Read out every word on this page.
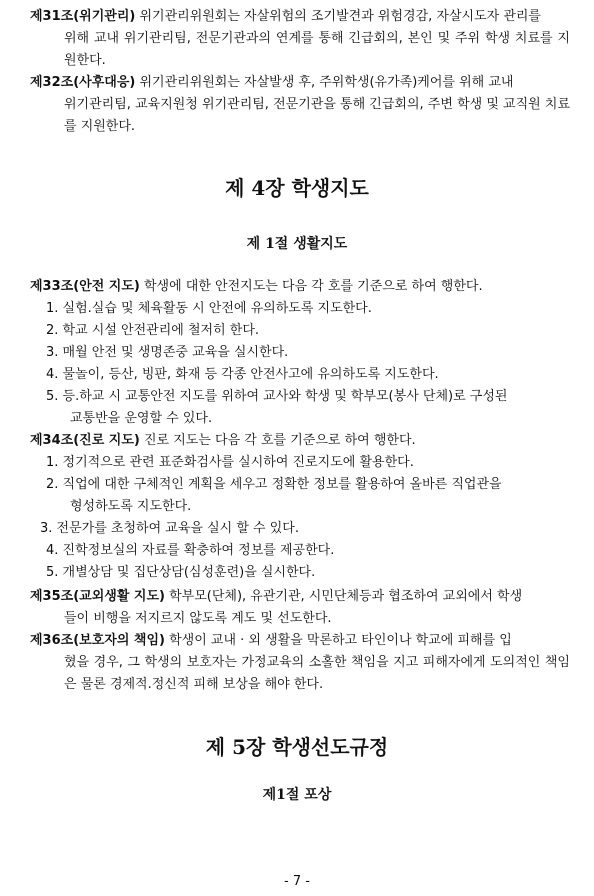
제31조(위기관리) 위기관리위원회는 자살위험의 조기발견과 위험경감, 자살시도자 관리를
위해 교내 위기관리팀, 전문기관과의 연계를 통해 긴급회의, 본인 및 주위 학생 치료를 지원한다.
제32조(사후대응) 위기관리위원회는 자살발생 후, 주위학생(유가족)케어를 위해 교내
위기관리팀, 교육지원청 위기관리팀, 전문기관을 통해 긴급회의, 주변 학생 및 교직원 치료를 지원한다.
제 4장 학생지도
제 1절 생활지도
제33조(안전 지도) 학생에 대한 안전지도는 다음 각 호를 기준으로 하여 행한다.
1. 실험.실습 및 체육활동 시 안전에 유의하도록 지도한다.
2. 학교 시설 안전관리에 철저히 한다.
3. 매월 안전 및 생명존중 교육을 실시한다.
4. 물놀이, 등산, 빙판, 화재 등 각종 안전사고에 유의하도록 지도한다.
5. 등.하교 시 교통안전 지도를 위하여 교사와 학생 및 학부모(봉사 단체)로 구성된
교통반을 운영할 수 있다.
제34조(진로 지도) 진로 지도는 다음 각 호를 기준으로 하여 행한다.
1. 정기적으로 관련 표준화검사를 실시하여 진로지도에 활용한다.
2. 직업에 대한 구체적인 계획을 세우고 정확한 정보를 활용하여 올바른 직업관을
형성하도록 지도한다.
3. 전문가를 초청하여 교육을 실시 할 수 있다.
4. 진학정보실의 자료를 확충하여 정보를 제공한다.
5. 개별상담 및 집단상담(심성훈련)을 실시한다.
제35조(교외생활 지도) 학부모(단체), 유관기관, 시민단체등과 협조하여 교외에서 학생
들이 비행을 저지르지 않도록 계도 및 선도한다.
제36조(보호자의 책임) 학생이 교내 · 외 생활을 막론하고 타인이나 학교에 피해를 입
혔을 경우, 그 학생의 보호자는 가정교육의 소홀한 책임을 지고 피해자에게 도의적인 책임은 물론 경제적.정신적 피해 보상을 해야 한다.
제 5장 학생선도규정
제1절 포상
- 7 -
